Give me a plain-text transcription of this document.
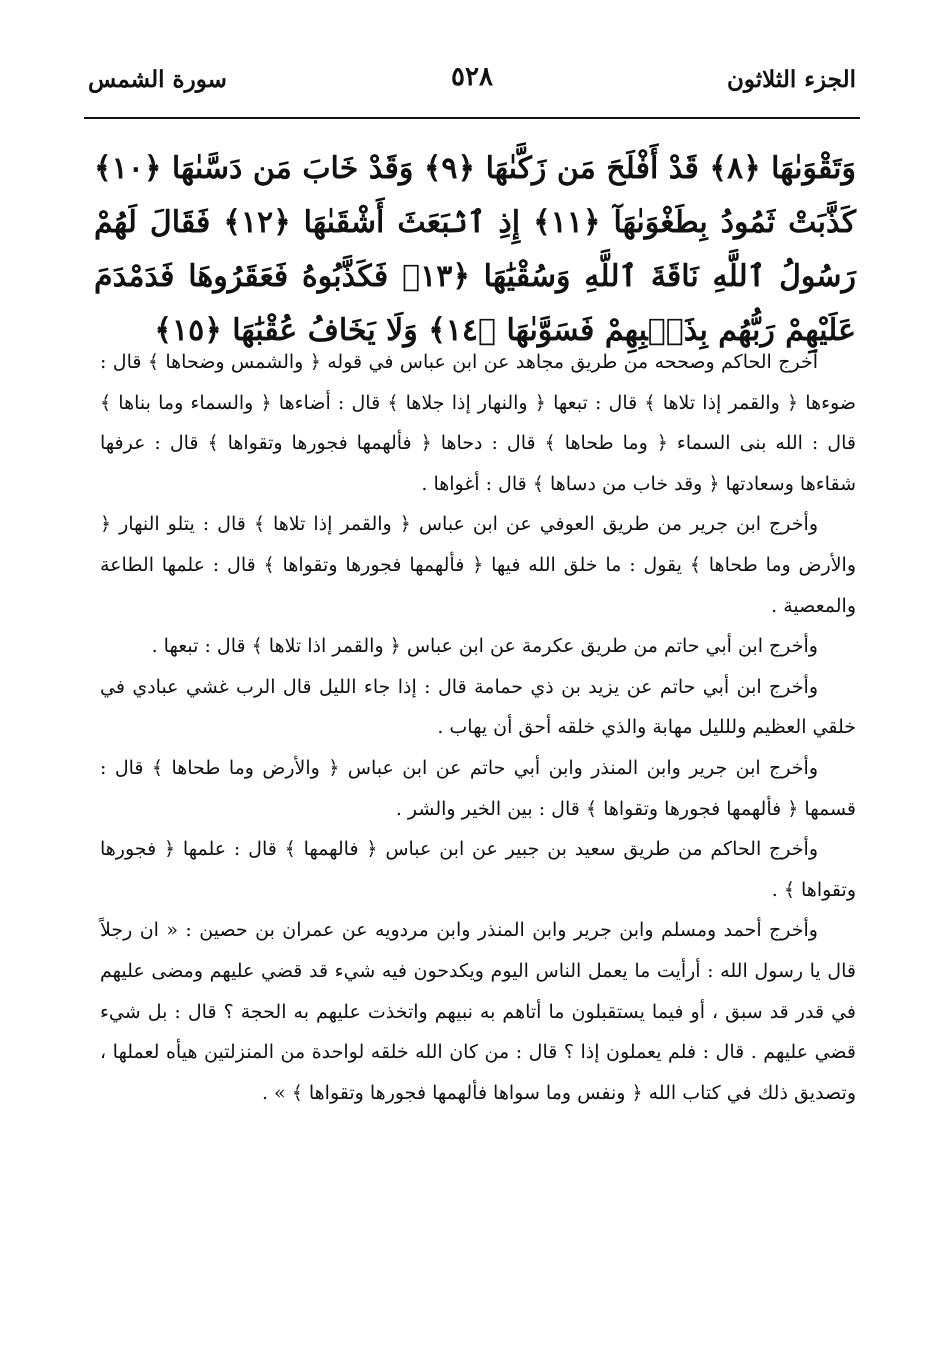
الجزء الثلاثون
٥٢٨
سورة الشمس
وَتَقْوَىٰهَا ﴿٨﴾ قَدْ أَفْلَحَ مَن زَكَّىٰهَا ﴿٩﴾ وَقَدْ خَابَ مَن دَسَّىٰهَا ﴿١٠﴾ كَذَّبَتْ ثَمُودُ بِطَغْوَىٰهَآ ﴿١١﴾ إِذِ ٱنۢبَعَثَ أَشْقَىٰهَا ﴿١٢﴾ فَقَالَ لَهُمْ رَسُولُ ٱللَّهِ نَاقَةَ ٱللَّهِ وَسُقْيَٰهَا ﴿١٣﴾ فَكَذَّبُوهُ فَعَقَرُوهَا فَدَمْدَمَ عَلَيْهِمْ رَبُّهُم بِذَنۢبِهِمْ فَسَوَّىٰهَا ﴿١٤﴾ وَلَا يَخَافُ عُقْبَٰهَا ﴿١٥﴾

أخرج الحاكم وصححه من طريق مجاهد عن ابن عباس في قوله ﴿ والشمس وضحاها ﴾ قال : ضوءها ﴿ والقمر إذا تلاها ﴾ قال : تبعها ﴿ والنهار إذا جلاها ﴾ قال : أضاءها ﴿ والسماء وما بناها ﴾ قال : الله بنى السماء ﴿ وما طحاها ﴾ قال : دحاها ﴿ فألهمها فجورها وتقواها ﴾ قال : عرفها شقاءها وسعادتها ﴿ وقد خاب من دساها ﴾ قال : أغواها .

وأخرج ابن جرير من طريق العوفي عن ابن عباس ﴿ والقمر إذا تلاها ﴾ قال : يتلو النهار ﴿ والأرض وما طحاها ﴾ يقول : ما خلق الله فيها ﴿ فألهمها فجورها وتقواها ﴾ قال : علمها الطاعة والمعصية .

وأخرج ابن أبي حاتم من طريق عكرمة عن ابن عباس ﴿ والقمر اذا تلاها ﴾ قال : تبعها .

وأخرج ابن أبي حاتم عن يزيد بن ذي حمامة قال : إذا جاء الليل قال الرب غشي عبادي في خلقي العظيم وللليل مهابة والذي خلقه أحق أن يهاب .

وأخرج ابن جرير وابن المنذر وابن أبي حاتم عن ابن عباس ﴿ والأرض وما طحاها ﴾ قال : قسمها ﴿ فألهمها فجورها وتقواها ﴾ قال : بين الخير والشر .

وأخرج الحاكم من طريق سعيد بن جبير عن ابن عباس ﴿ فالهمها ﴾ قال : علمها ﴿ فجورها وتقواها ﴾ .

وأخرج أحمد ومسلم وابن جرير وابن المنذر وابن مردويه عن عمران بن حصين : « ان رجلاً قال يا رسول الله : أرأيت ما يعمل الناس اليوم ويكدحون فيه شيء قد قضي عليهم ومضى عليهم في قدر قد سبق ، أو فيما يستقبلون ما أتاهم به نبيهم واتخذت عليهم به الحجة ؟ قال : بل شيء قضي عليهم . قال : فلم يعملون إذا ؟ قال : من كان الله خلقه لواحدة من المنزلتين هيأه لعملها ، وتصديق ذلك في كتاب الله ﴿ ونفس وما سواها فألهمها فجورها وتقواها ﴾ » .
